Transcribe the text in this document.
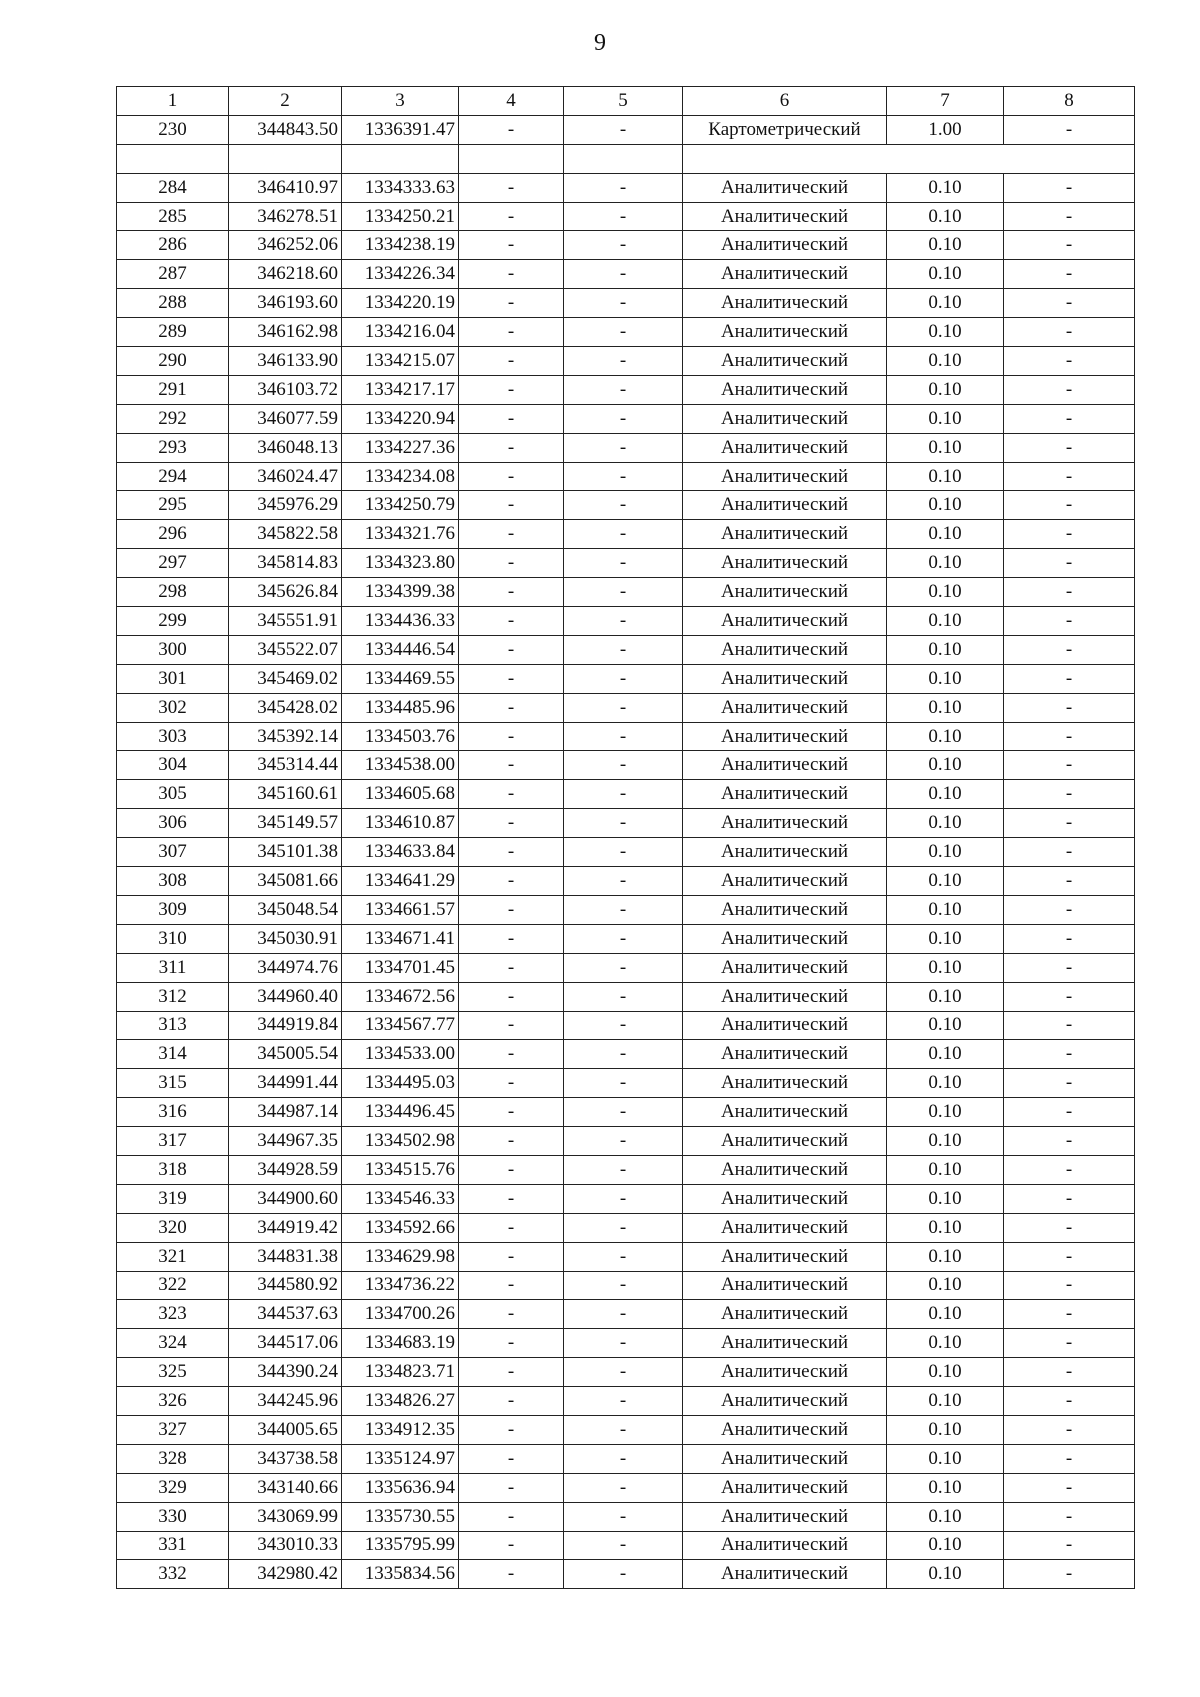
9
1	2	3	4	5	6	7	8
230	344843.50	1336391.47	-	-	Картометрический	1.00	-

284	346410.97	1334333.63	-	-	Аналитический	0.10	-
285	346278.51	1334250.21	-	-	Аналитический	0.10	-
286	346252.06	1334238.19	-	-	Аналитический	0.10	-
287	346218.60	1334226.34	-	-	Аналитический	0.10	-
288	346193.60	1334220.19	-	-	Аналитический	0.10	-
289	346162.98	1334216.04	-	-	Аналитический	0.10	-
290	346133.90	1334215.07	-	-	Аналитический	0.10	-
291	346103.72	1334217.17	-	-	Аналитический	0.10	-
292	346077.59	1334220.94	-	-	Аналитический	0.10	-
293	346048.13	1334227.36	-	-	Аналитический	0.10	-
294	346024.47	1334234.08	-	-	Аналитический	0.10	-
295	345976.29	1334250.79	-	-	Аналитический	0.10	-
296	345822.58	1334321.76	-	-	Аналитический	0.10	-
297	345814.83	1334323.80	-	-	Аналитический	0.10	-
298	345626.84	1334399.38	-	-	Аналитический	0.10	-
299	345551.91	1334436.33	-	-	Аналитический	0.10	-
300	345522.07	1334446.54	-	-	Аналитический	0.10	-
301	345469.02	1334469.55	-	-	Аналитический	0.10	-
302	345428.02	1334485.96	-	-	Аналитический	0.10	-
303	345392.14	1334503.76	-	-	Аналитический	0.10	-
304	345314.44	1334538.00	-	-	Аналитический	0.10	-
305	345160.61	1334605.68	-	-	Аналитический	0.10	-
306	345149.57	1334610.87	-	-	Аналитический	0.10	-
307	345101.38	1334633.84	-	-	Аналитический	0.10	-
308	345081.66	1334641.29	-	-	Аналитический	0.10	-
309	345048.54	1334661.57	-	-	Аналитический	0.10	-
310	345030.91	1334671.41	-	-	Аналитический	0.10	-
311	344974.76	1334701.45	-	-	Аналитический	0.10	-
312	344960.40	1334672.56	-	-	Аналитический	0.10	-
313	344919.84	1334567.77	-	-	Аналитический	0.10	-
314	345005.54	1334533.00	-	-	Аналитический	0.10	-
315	344991.44	1334495.03	-	-	Аналитический	0.10	-
316	344987.14	1334496.45	-	-	Аналитический	0.10	-
317	344967.35	1334502.98	-	-	Аналитический	0.10	-
318	344928.59	1334515.76	-	-	Аналитический	0.10	-
319	344900.60	1334546.33	-	-	Аналитический	0.10	-
320	344919.42	1334592.66	-	-	Аналитический	0.10	-
321	344831.38	1334629.98	-	-	Аналитический	0.10	-
322	344580.92	1334736.22	-	-	Аналитический	0.10	-
323	344537.63	1334700.26	-	-	Аналитический	0.10	-
324	344517.06	1334683.19	-	-	Аналитический	0.10	-
325	344390.24	1334823.71	-	-	Аналитический	0.10	-
326	344245.96	1334826.27	-	-	Аналитический	0.10	-
327	344005.65	1334912.35	-	-	Аналитический	0.10	-
328	343738.58	1335124.97	-	-	Аналитический	0.10	-
329	343140.66	1335636.94	-	-	Аналитический	0.10	-
330	343069.99	1335730.55	-	-	Аналитический	0.10	-
331	343010.33	1335795.99	-	-	Аналитический	0.10	-
332	342980.42	1335834.56	-	-	Аналитический	0.10	-
